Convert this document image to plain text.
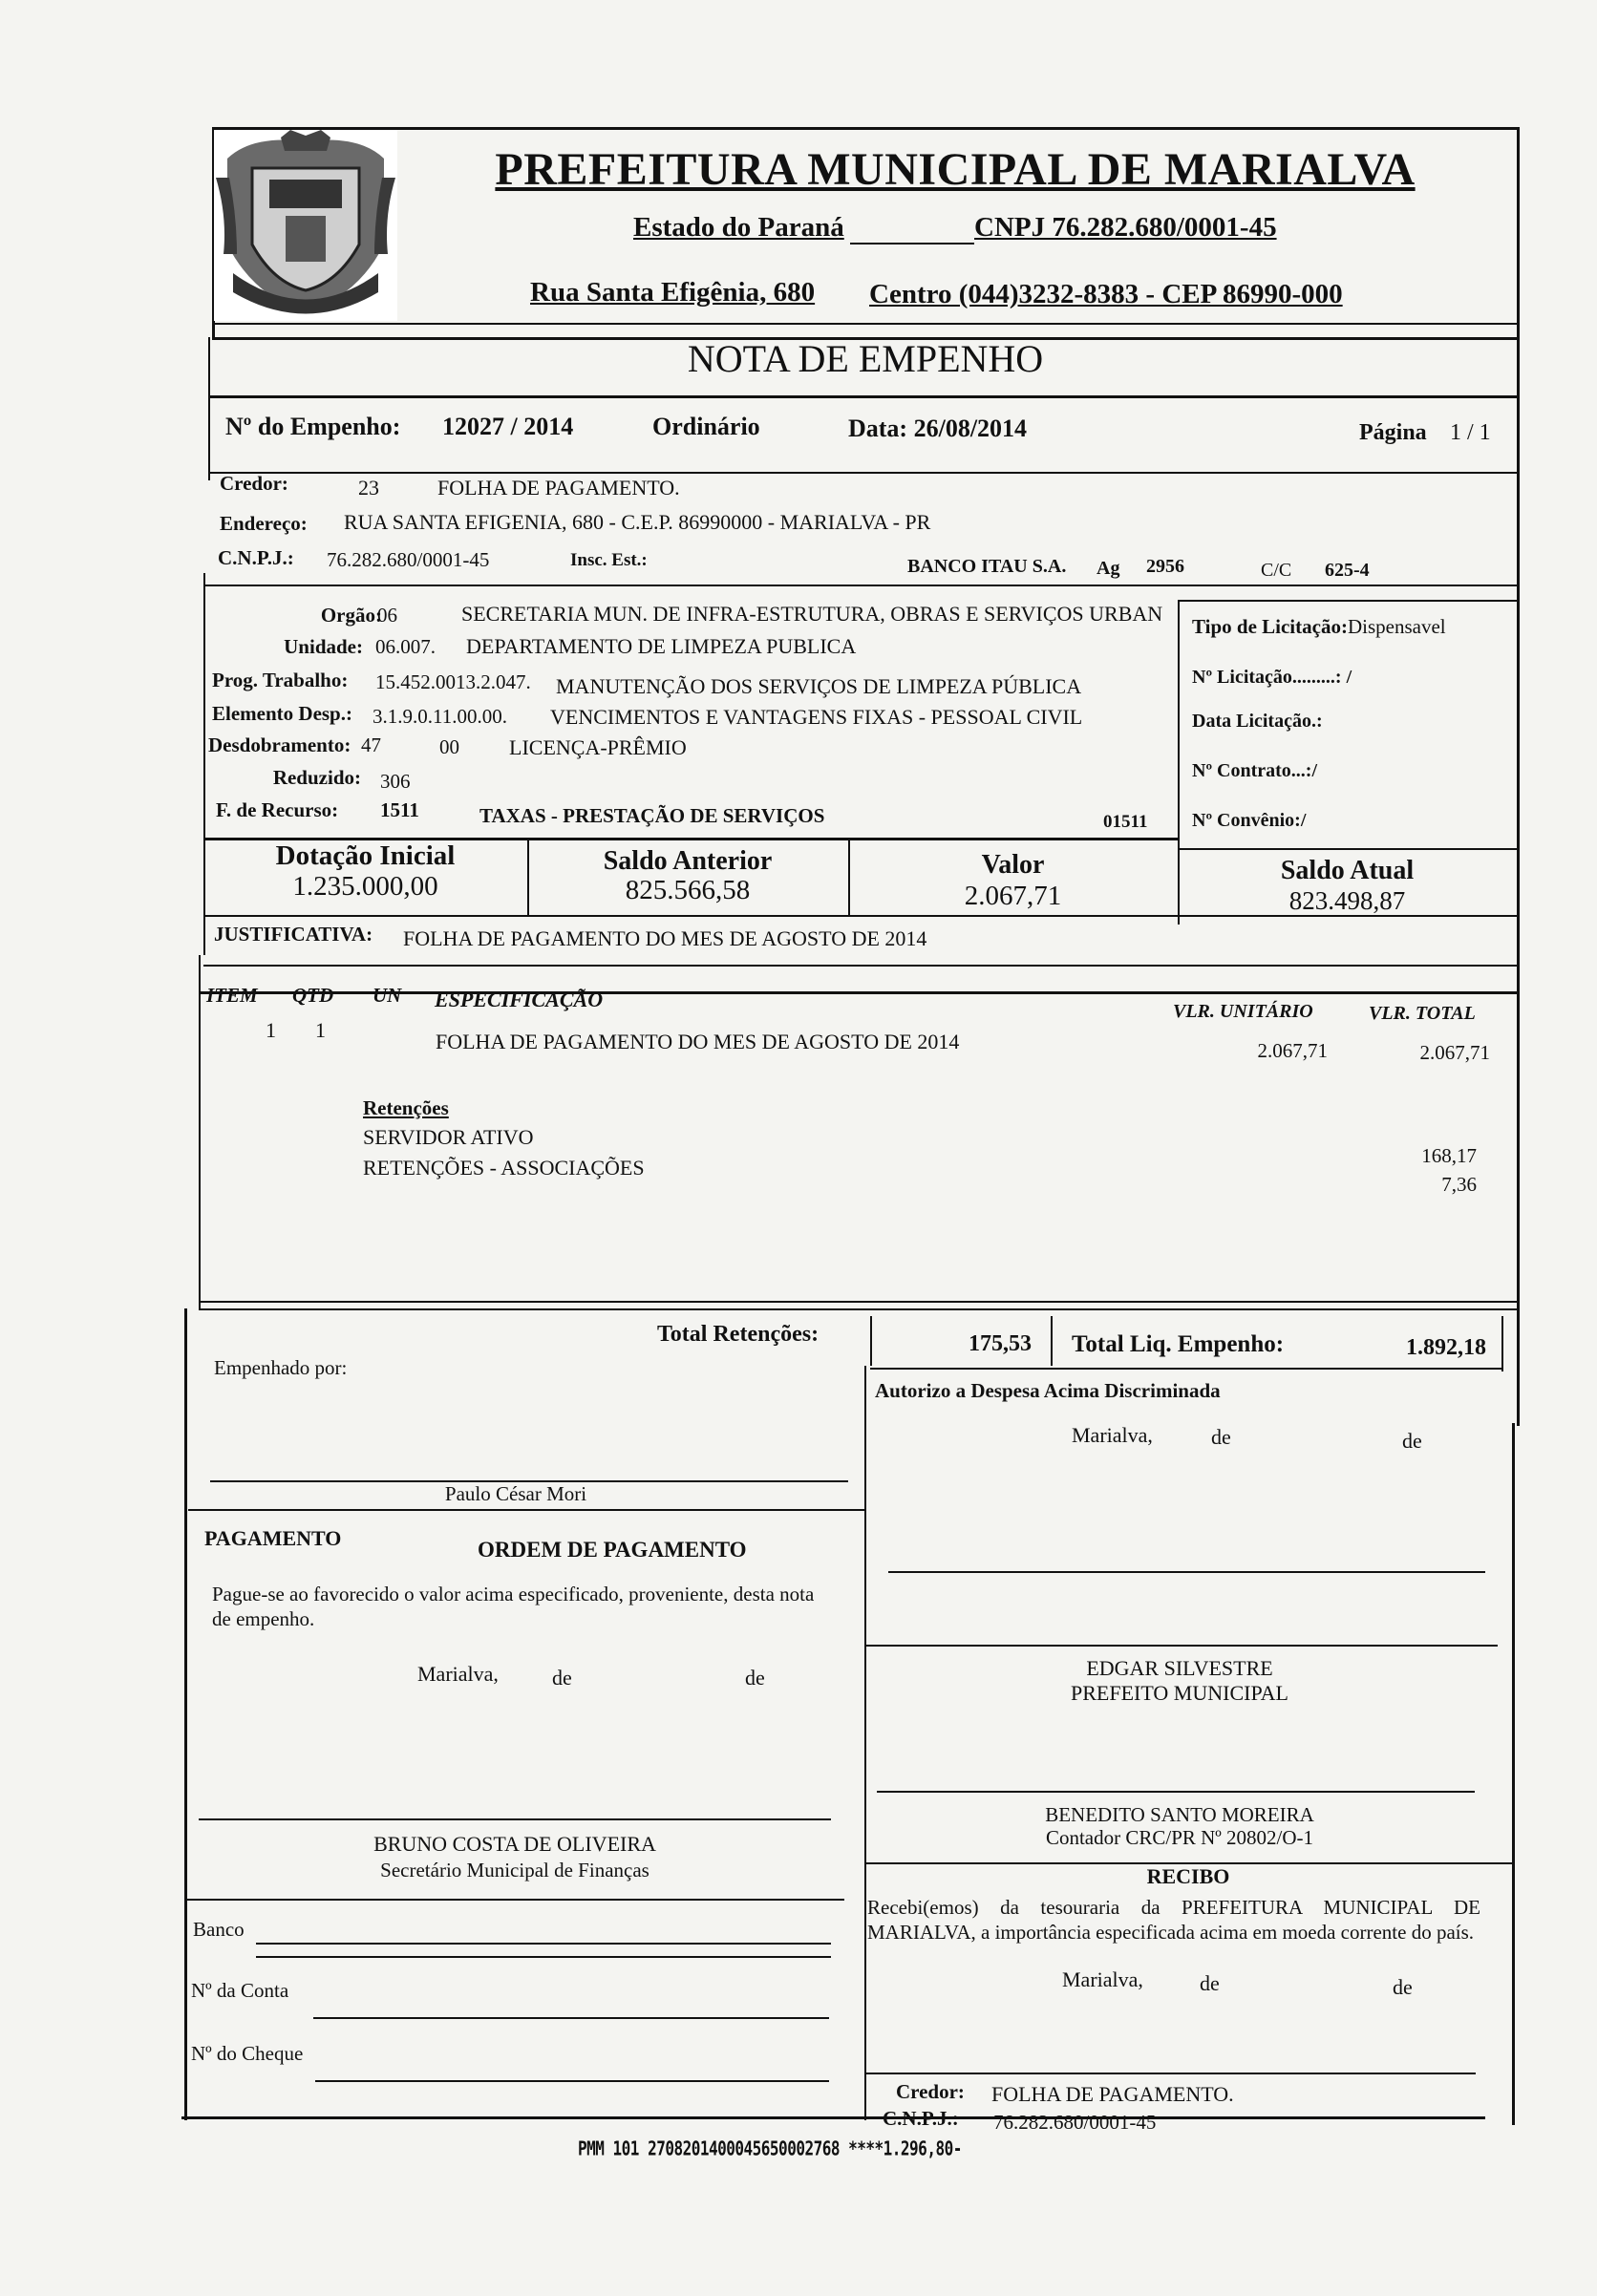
PREFEITURA MUNICIPAL DE MARIALVA
Estado do Paraná	CNPJ 76.282.680/0001-45
Rua Santa Efigênia, 680 Centro (044)3232-8383 - CEP 86990-000
NOTA DE EMPENHO
Nº do Empenho: 12027 / 2014	Ordinário	Data: 26/08/2014	Página 1 / 1
Credor:	23	FOLHA DE PAGAMENTO.
Endereço: RUA SANTA EFIGENIA, 680 - C.E.P. 86990000 - MARIALVA - PR
C.N.P.J.: 76.282.680/0001-45	Insc. Est.:	BANCO ITAU S.A. Ag 2956	C/C 625-4
Orgão:
06	SECRETARIA MUN. DE INFRA-ESTRUTURA, OBRAS E SERVIÇOS URBAN
Unidade: 06.007. DEPARTAMENTO DE LIMPEZA PUBLICA
Prog. Trabalho: 15.452.0013.2.047. MANUTENÇÃO DOS SERVIÇOS DE LIMPEZA PÚBLICA
Elemento Desp.: 3.1.9.0.11.00.00. VENCIMENTOS E VANTAGENS FIXAS - PESSOAL CIVIL
Desdobramento: 47	00 LICENÇA-PRÊMIO
Reduzido: 306
F. de Recurso: 1511	TAXAS - PRESTAÇÃO DE SERVIÇOS	01511
Tipo de Licitação:Dispensavel
Nº Licitação.........: /
Data Licitação.:
Nº Contrato...:/
Nº Convênio:/
Dotação Inicial
1.235.000,00
Saldo Anterior
825.566,58
Valor
2.067,71
Saldo Atual
823.498,87
JUSTIFICATIVA: FOLHA DE PAGAMENTO DO MES DE AGOSTO DE 2014
ITEM QTD UN ESPECIFICAÇÃO	VLR. UNITÁRIO	VLR. TOTAL
1 1	FOLHA DE PAGAMENTO DO MES DE AGOSTO DE 2014	2.067,71	2.067,71
Retenções
SERVIDOR ATIVO
168,17
RETENÇÕES - ASSOCIAÇÕES
7,36
Total Retenções:	175,53 Total Liq. Empenho:	1.892,18
Empenhado por:
Paulo César Mori
Autorizo a Despesa Acima Discriminada
Marialva,	de	de
EDGAR SILVESTRE
PREFEITO MUNICIPAL
BENEDITO SANTO MOREIRA
Contador CRC/PR Nº 20802/O-1
PAGAMENTO	ORDEM DE PAGAMENTO
Pague-se ao favorecido o valor acima especificado, proveniente, desta nota de empenho.
Marialva,	de	de
BRUNO COSTA DE OLIVEIRA
Secretário Municipal de Finanças
Banco
Nº da Conta
Nº do Cheque
RECIBO
Recebi(emos) da tesouraria da PREFEITURA MUNICIPAL DE MARIALVA, a importância especificada acima em moeda corrente do país.
Marialva,	de	de
Credor: FOLHA DE PAGAMENTO.
C.N.P.J.: 76.282.680/0001-45
PMM 101 2708201400045650002768 ****1.296,80-
